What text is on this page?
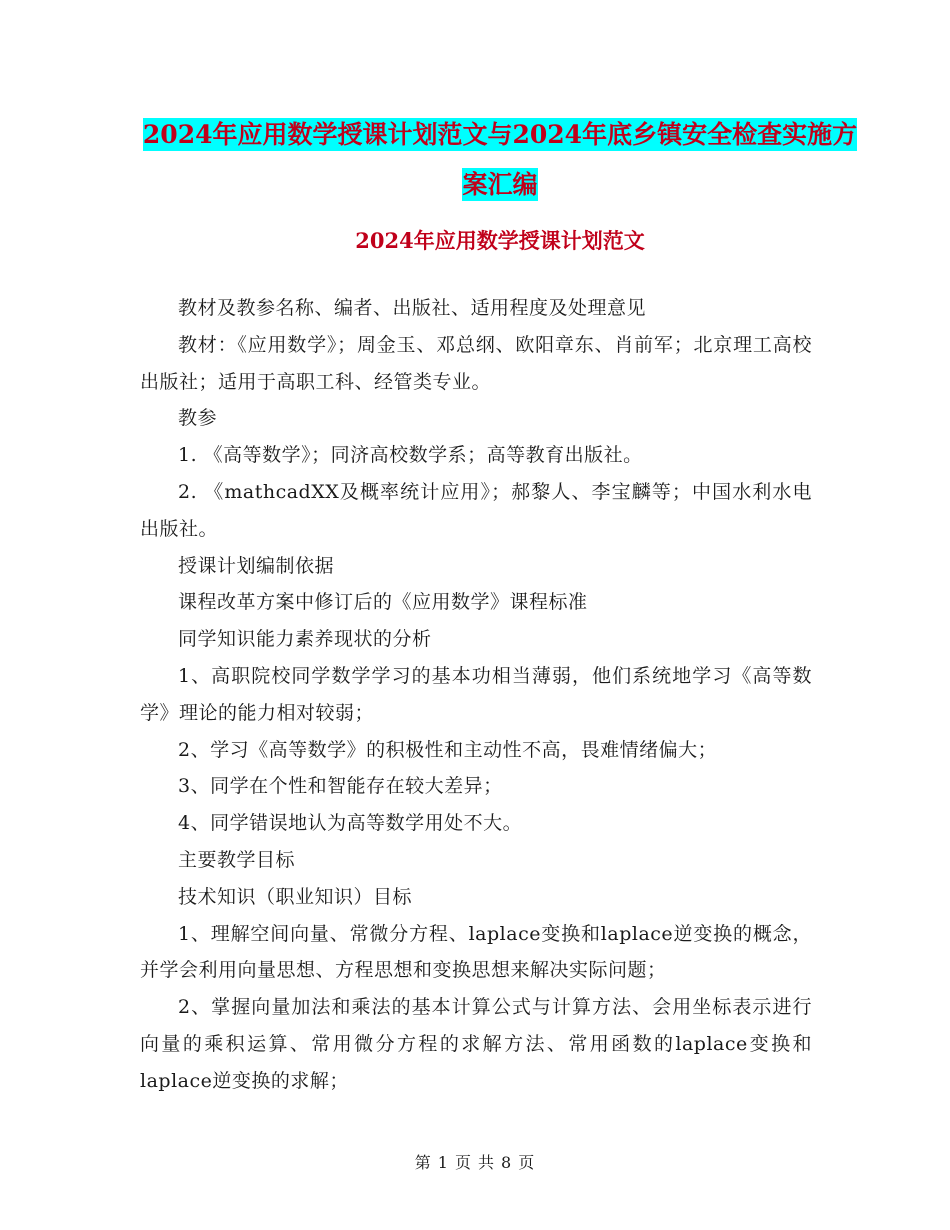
2024年应用数学授课计划范文与2024年底乡镇安全检查实施方案汇编
2024年应用数学授课计划范文

教材及教参名称、编者、出版社、适用程度及处理意见

教材：《应用数学》；周金玉、邓总纲、欧阳章东、肖前军；北京理工高校出版社；适用于高职工科、经管类专业。

教参

1. 《高等数学》；同济高校数学系；高等教育出版社。

2. 《mathcadXX及概率统计应用》；郝黎人、李宝麟等；中国水利水电出版社。

授课计划编制依据

课程改革方案中修订后的《应用数学》课程标准

同学知识能力素养现状的分析

1、高职院校同学数学学习的基本功相当薄弱，他们系统地学习《高等数学》理论的能力相对较弱；

2、学习《高等数学》的积极性和主动性不高，畏难情绪偏大；

3、同学在个性和智能存在较大差异；

4、同学错误地认为高等数学用处不大。

主要教学目标

技术知识（职业知识）目标

1、理解空间向量、常微分方程、laplace变换和laplace逆变换的概念，并学会利用向量思想、方程思想和变换思想来解决实际问题；

2、掌握向量加法和乘法的基本计算公式与计算方法、会用坐标表示进行向量的乘积运算、常用微分方程的求解方法、常用函数的laplace变换和laplace逆变换的求解；

第 1 页 共 8 页
